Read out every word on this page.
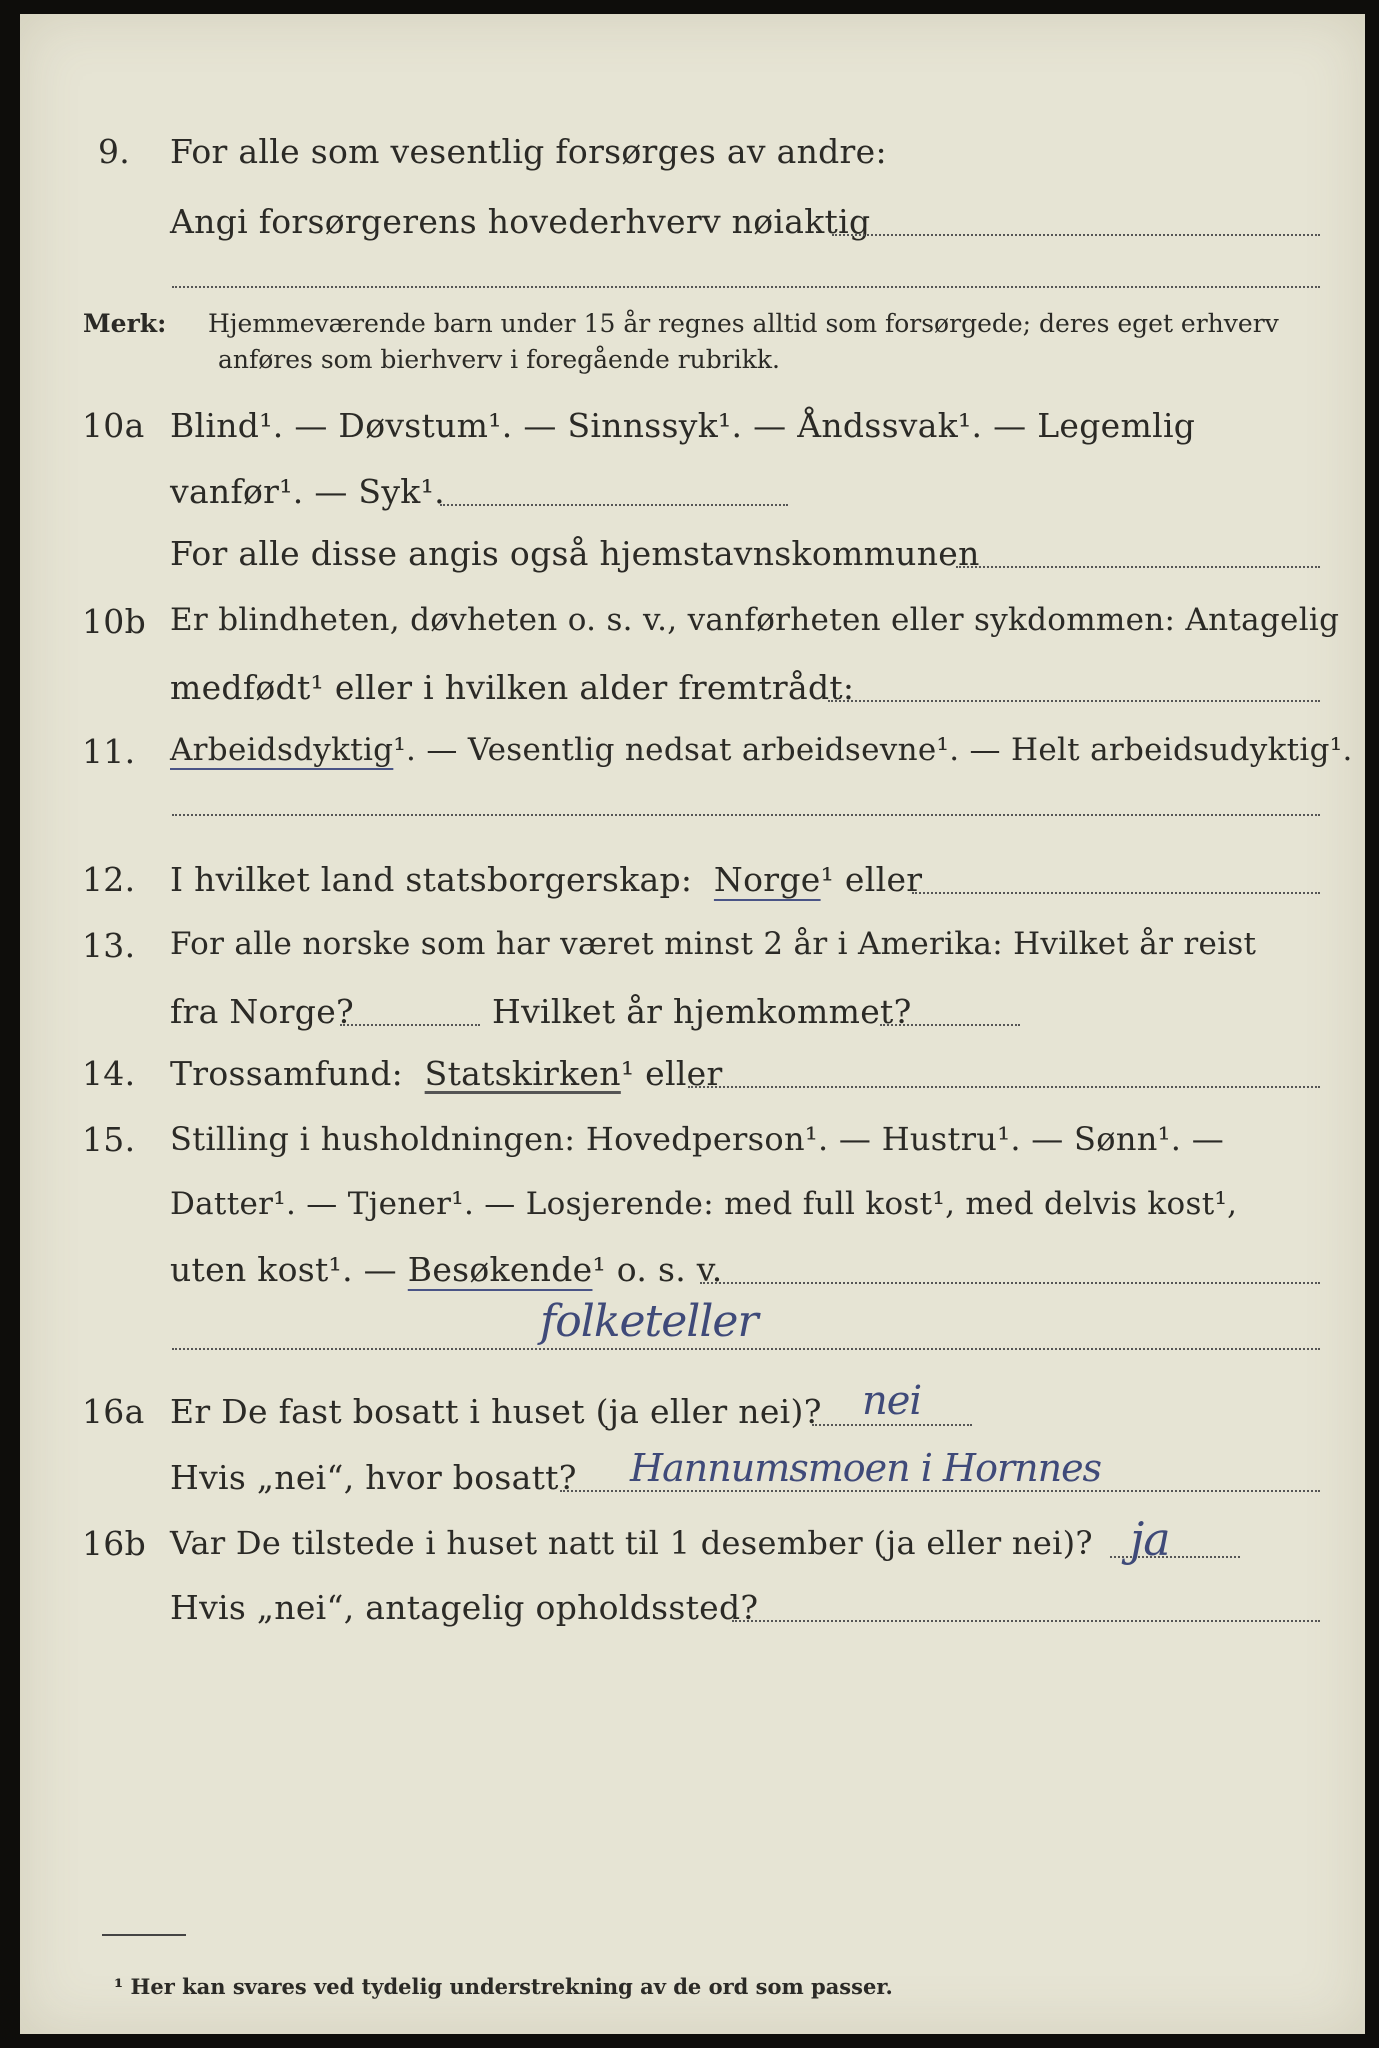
9. For alle som vesentlig forsørges av andre:
Angi forsørgerens hovederhverv nøiaktig
Merk: Hjemmeværende barn under 15 år regnes alltid som forsørgede; deres eget erhverv

anføres som bierhverv i foregående rubrikk.
10a Blind¹. — Døvstum¹. — Sinnssyk¹. — Åndssvak¹. — Legemlig
vanfør¹. — Syk¹.
For alle disse angis også hjemstavnskommunen
10b Er blindheten, døvheten o. s. v., vanførheten eller sykdommen: Antagelig
medfødt¹ eller i hvilken alder fremtrådt:
11. Arbeidsdyktig ¹. — Vesentlig nedsat arbeidsevne¹. — Helt arbeidsudyktig¹.
12. I hvilket land statsborgerskap:
Norge ¹ eller
13. For alle norske som har været minst 2 år i Amerika: Hvilket år reist
fra Norge?	Hvilket år hjemkommet?
14. Trossamfund:
Statskirken ¹ eller
15. Stilling i husholdningen: Hovedperson¹. — Hustru¹. — Sønn¹. —
Datter¹. — Tjener¹. — Losjerende: med full kost¹, med delvis kost¹,
uten kost¹. —
Besøkende ¹ o. s. v.
folketeller
16a Er De fast bosatt i huset (ja eller nei)? nei
Hvis „nei“, hvor bosatt? Hannumsmoen i Hornnes
16b Var De tilstede i huset natt til 1 desember (ja eller nei)? ja
Hvis „nei“, antagelig opholdssted?
¹ Her kan svares ved tydelig understrekning av de ord som passer.
